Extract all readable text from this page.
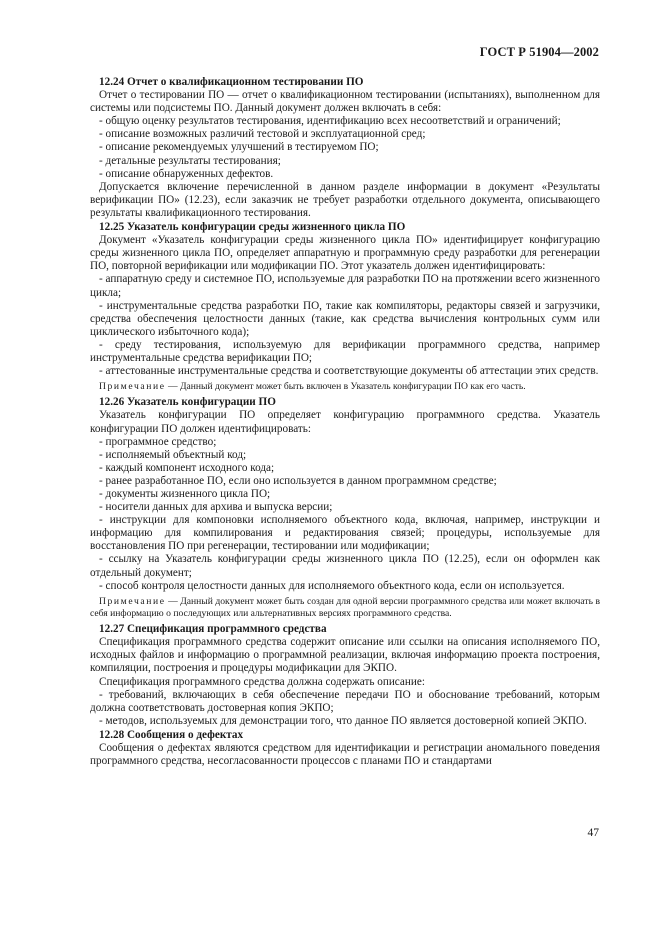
ГОСТ Р 51904—2002

12.24 Отчет о квалификационном тестировании ПО

Отчет о тестировании ПО — отчет о квалификационном тестировании (испытаниях), выполненном для системы или подсистемы ПО. Данный документ должен включать в себя:

- общую оценку результатов тестирования, идентификацию всех несоответствий и ограничений;

- описание возможных различий тестовой и эксплуатационной сред;

- описание рекомендуемых улучшений в тестируемом ПО;

- детальные результаты тестирования;

- описание обнаруженных дефектов.

Допускается включение перечисленной в данном разделе информации в документ «Результаты верификации ПО» (12.23), если заказчик не требует разработки отдельного документа, описывающего результаты квалификационного тестирования.

12.25 Указатель конфигурации среды жизненного цикла ПО

Документ «Указатель конфигурации среды жизненного цикла ПО» идентифицирует конфигурацию среды жизненного цикла ПО, определяет аппаратную и программную среду разработки для регенерации ПО, повторной верификации или модификации ПО. Этот указатель должен идентифицировать:

- аппаратную среду и системное ПО, используемые для разработки ПО на протяжении всего жизненного цикла;

- инструментальные средства разработки ПО, такие как компиляторы, редакторы связей и загрузчики, средства обеспечения целостности данных (такие, как средства вычисления контрольных сумм или циклического избыточного кода);

- среду тестирования, используемую для верификации программного средства, например инструментальные средства верификации ПО;

- аттестованные инструментальные средства и соответствующие документы об аттестации этих средств.

Примечание — Данный документ может быть включен в Указатель конфигурации ПО как его часть.

12.26 Указатель конфигурации ПО

Указатель конфигурации ПО определяет конфигурацию программного средства. Указатель конфигурации ПО должен идентифицировать:

- программное средство;

- исполняемый объектный код;

- каждый компонент исходного кода;

- ранее разработанное ПО, если оно используется в данном программном средстве;

- документы жизненного цикла ПО;

- носители данных для архива и выпуска версии;

- инструкции для компоновки исполняемого объектного кода, включая, например, инструкции и информацию для компилирования и редактирования связей; процедуры, используемые для восстановления ПО при регенерации, тестировании или модификации;

- ссылку на Указатель конфигурации среды жизненного цикла ПО (12.25), если он оформлен как отдельный документ;

- способ контроля целостности данных для исполняемого объектного кода, если он используется.

Примечание — Данный документ может быть создан для одной версии программного средства или может включать в себя информацию о последующих или альтернативных версиях программного средства.

12.27 Спецификация программного средства

Спецификация программного средства содержит описание или ссылки на описания исполняемого ПО, исходных файлов и информацию о программной реализации, включая информацию проекта построения, компиляции, построения и процедуры модификации для ЭКПО.

Спецификация программного средства должна содержать описание:

- требований, включающих в себя обеспечение передачи ПО и обоснование требований, которым должна соответствовать достоверная копия ЭКПО;

- методов, используемых для демонстрации того, что данное ПО является достоверной копией ЭКПО.

12.28 Сообщения о дефектах

Сообщения о дефектах являются средством для идентификации и регистрации аномального поведения программного средства, несогласованности процессов с планами ПО и стандартами

47
